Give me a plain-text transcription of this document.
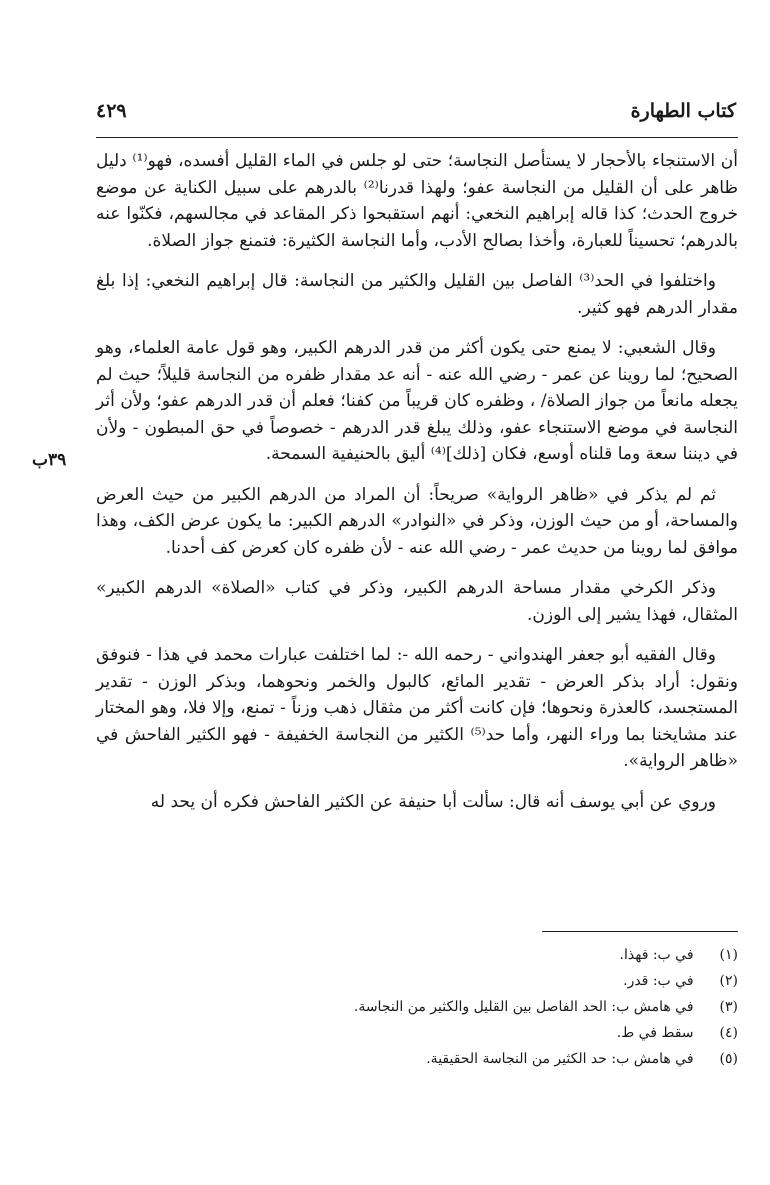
كتاب الطهارة
٤٢٩
٣٩ب

أن الاستنجاء بالأحجار لا يستأصل النجاسة؛ حتى لو جلس في الماء القليل أفسده، فهو⁽¹⁾ دليل ظاهر على أن القليل من النجاسة عفو؛ ولهذا قدرنا⁽²⁾ بالدرهم على سبيل الكناية عن موضع خروج الحدث؛ كذا قاله إبراهيم النخعي: أنهم استقبحوا ذكر المقاعد في مجالسهم، فكنّوا عنه بالدرهم؛ تحسيناً للعبارة، وأخذا بصالح الأدب، وأما النجاسة الكثيرة: فتمنع جواز الصلاة.

واختلفوا في الحد⁽³⁾ الفاصل بين القليل والكثير من النجاسة: قال إبراهيم النخعي: إذا بلغ مقدار الدرهم فهو كثير.

وقال الشعبي: لا يمنع حتى يكون أكثر من قدر الدرهم الكبير، وهو قول عامة العلماء، وهو الصحيح؛ لما روينا عن عمر - رضي الله عنه - أنه عد مقدار ظفره من النجاسة قليلاً؛ حيث لم يجعله مانعاً من جواز الصلاة/ ، وظفره كان قريباً من كفنا؛ فعلم أن قدر الدرهم عفو؛ ولأن أثر النجاسة في موضع الاستنجاء عفو، وذلك يبلغ قدر الدرهم - خصوصاً في حق المبطون - ولأن في ديننا سعة وما قلناه أوسع، فكان [ذلك]⁽⁴⁾ أليق بالحنيفية السمحة.

ثم لم يذكر في «ظاهر الرواية» صريحاً: أن المراد من الدرهم الكبير من حيث العرض والمساحة، أو من حيث الوزن، وذكر في «النوادر» الدرهم الكبير: ما يكون عرض الكف، وهذا موافق لما روينا من حديث عمر - رضي الله عنه - لأن ظفره كان كعرض كف أحدنا.

وذكر الكرخي مقدار مساحة الدرهم الكبير، وذكر في كتاب «الصلاة» الدرهم الكبير» المثقال، فهذا يشير إلى الوزن.

وقال الفقيه أبو جعفر الهندواني - رحمه الله -: لما اختلفت عبارات محمد في هذا - فنوفق ونقول: أراد بذكر العرض - تقدير المائع، كالبول والخمر ونحوهما، وبذكر الوزن - تقدير المستجسد، كالعذرة ونحوها؛ فإن كانت أكثر من مثقال ذهب وزناً - تمنع، وإلا فلا، وهو المختار عند مشايخنا بما وراء النهر، وأما حد⁽⁵⁾ الكثير من النجاسة الخفيفة - فهو الكثير الفاحش في «ظاهر الرواية».

وروي عن أبي يوسف أنه قال: سألت أبا حنيفة عن الكثير الفاحش فكره أن يحد له

(١) في ب: فهذا.
(٢) في ب: قدر.
(٣) في هامش ب: الحد الفاصل بين القليل والكثير من النجاسة.
(٤) سقط في ط.
(٥) في هامش ب: حد الكثير من النجاسة الحقيقية.
